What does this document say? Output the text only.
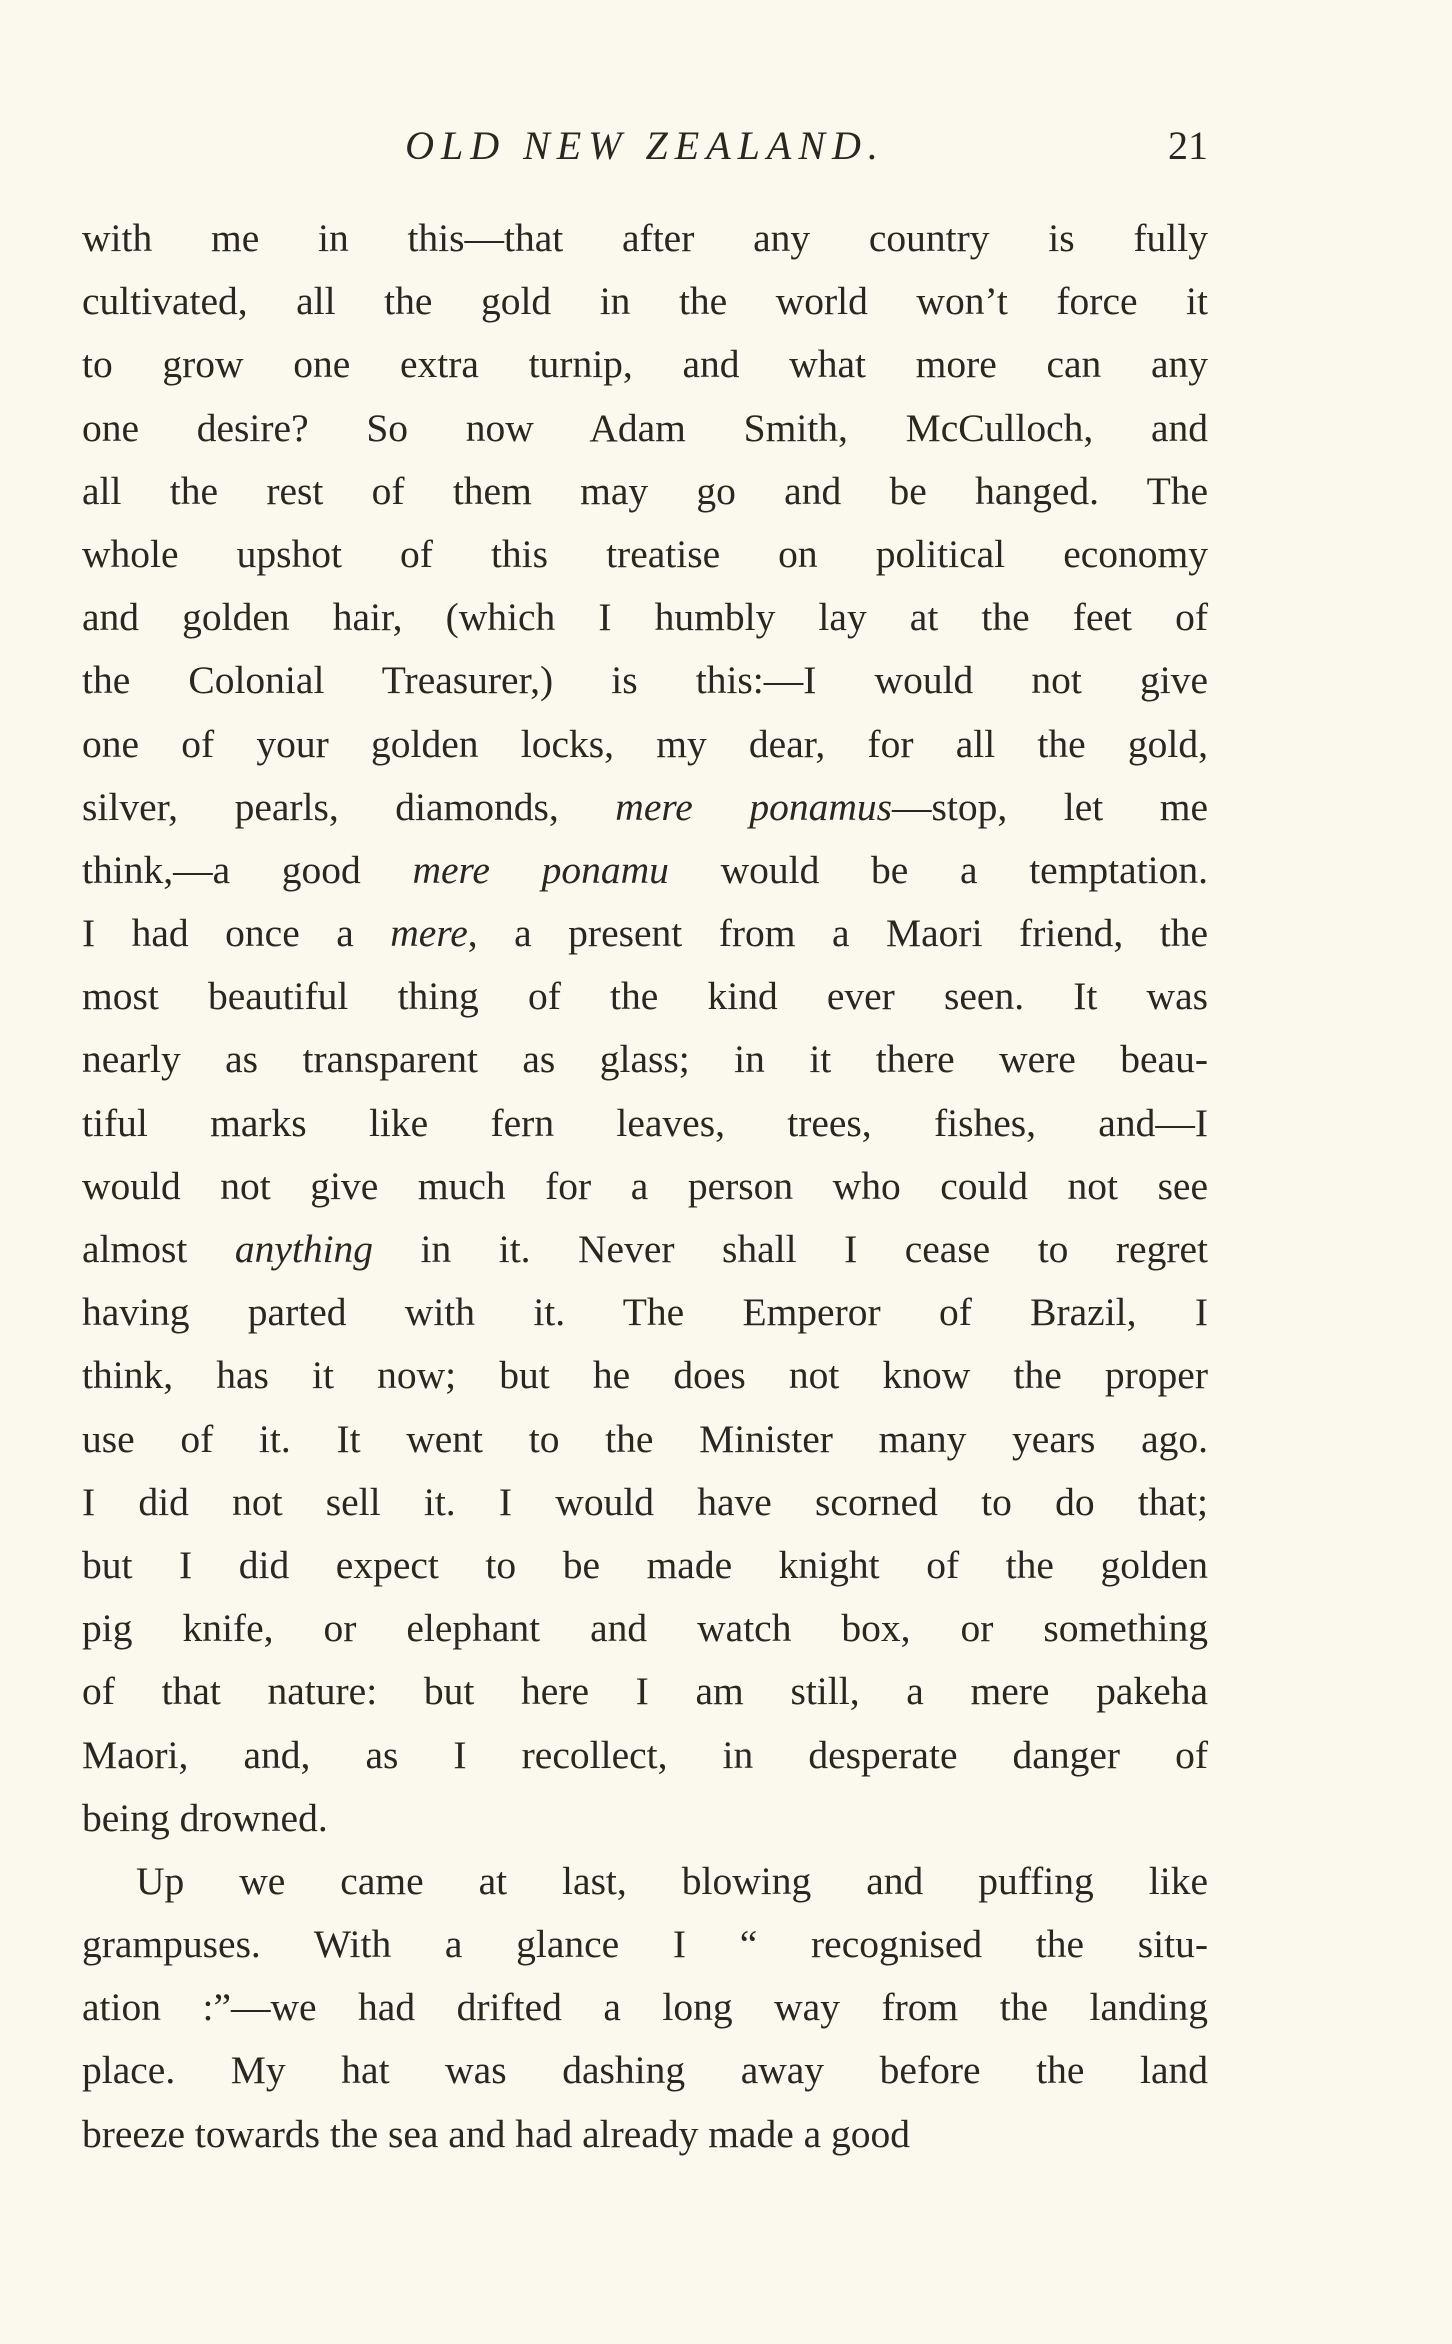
OLD NEW ZEALAND.	21
with me in this—that after any country is fully
cultivated, all the gold in the world won’t force it
to grow one extra turnip, and what more can any
one desire? So now Adam Smith, McCulloch, and
all the rest of them may go and be hanged. The
whole upshot of this treatise on political economy
and golden hair, (which I humbly lay at the feet of
the Colonial Treasurer,) is this:—I would not give
one of your golden locks, my dear, for all the gold,
silver, pearls, diamonds, mere ponamus—stop, let me
think,—a good mere ponamu would be a temptation.
I had once a mere, a present from a Maori friend, the
most beautiful thing of the kind ever seen. It was
nearly as transparent as glass; in it there were beau-
tiful marks like fern leaves, trees, fishes, and—I
would not give much for a person who could not see
almost anything in it. Never shall I cease to regret
having parted with it. The Emperor of Brazil, I
think, has it now; but he does not know the proper
use of it. It went to the Minister many years ago.
I did not sell it. I would have scorned to do that;
but I did expect to be made knight of the golden
pig knife, or elephant and watch box, or something
of that nature: but here I am still, a mere pakeha
Maori, and, as I recollect, in desperate danger of
being drowned.
Up we came at last, blowing and puffing like
grampuses. With a glance I “ recognised the situ-
ation :”—we had drifted a long way from the landing
place. My hat was dashing away before the land
breeze towards the sea and had already made a good
